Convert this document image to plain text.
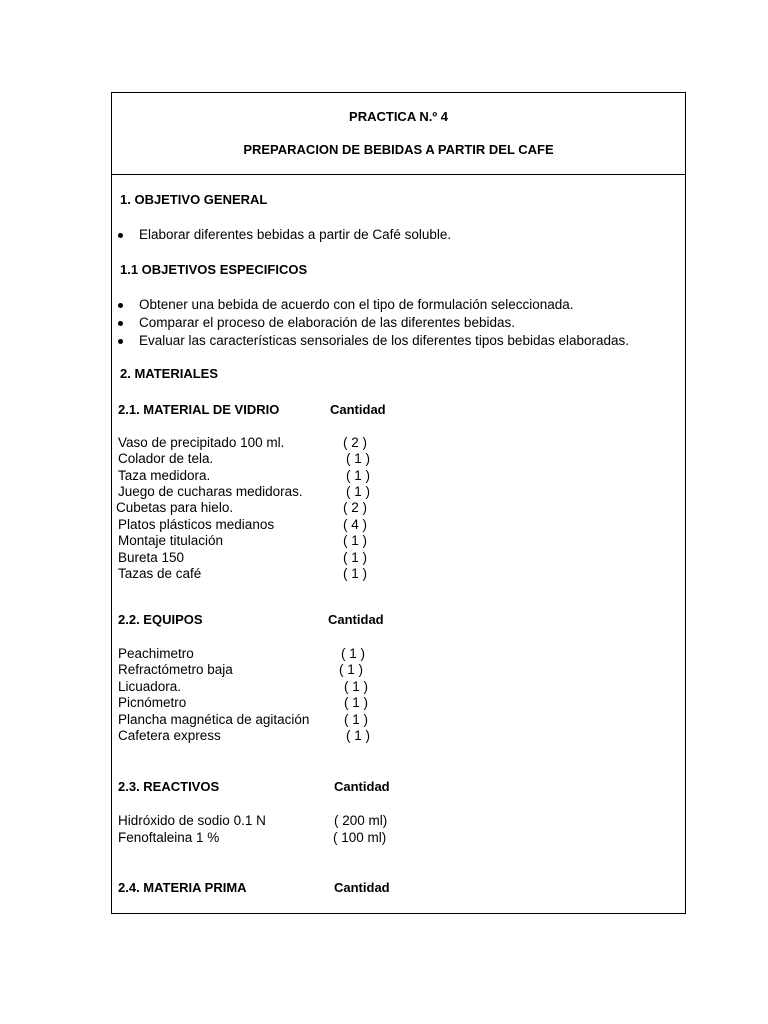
PRACTICA N.º 4
PREPARACION DE BEBIDAS A PARTIR DEL CAFE
1. OBJETIVO GENERAL
Elaborar diferentes bebidas a partir de Café soluble.
1.1 OBJETIVOS ESPECIFICOS
Obtener una bebida de acuerdo con el tipo de formulación seleccionada.
Comparar el proceso de elaboración de las diferentes bebidas.
Evaluar las características sensoriales de los diferentes tipos bebidas elaboradas.
2. MATERIALES
2.1. MATERIAL DE VIDRIO	Cantidad
Vaso de precipitado 100 ml.	( 2 )
Colador de tela.	( 1 )
Taza medidora.	( 1 )
Juego de cucharas medidoras.	( 1 )
Cubetas para hielo.	( 2 )
Platos plásticos medianos	( 4 )
Montaje titulación	( 1 )
Bureta 150	( 1 )
Tazas de café	( 1 )
2.2. EQUIPOS	Cantidad
Peachimetro	( 1 )
Refractómetro baja	( 1 )
Licuadora.	( 1 )
Picnómetro	( 1 )
Plancha magnética de agitación	( 1 )
Cafetera express	( 1 )
2.3. REACTIVOS	Cantidad
Hidróxido de sodio 0.1 N	( 200 ml)
Fenoftaleina 1 %	( 100 ml)
2.4. MATERIA PRIMA	Cantidad
